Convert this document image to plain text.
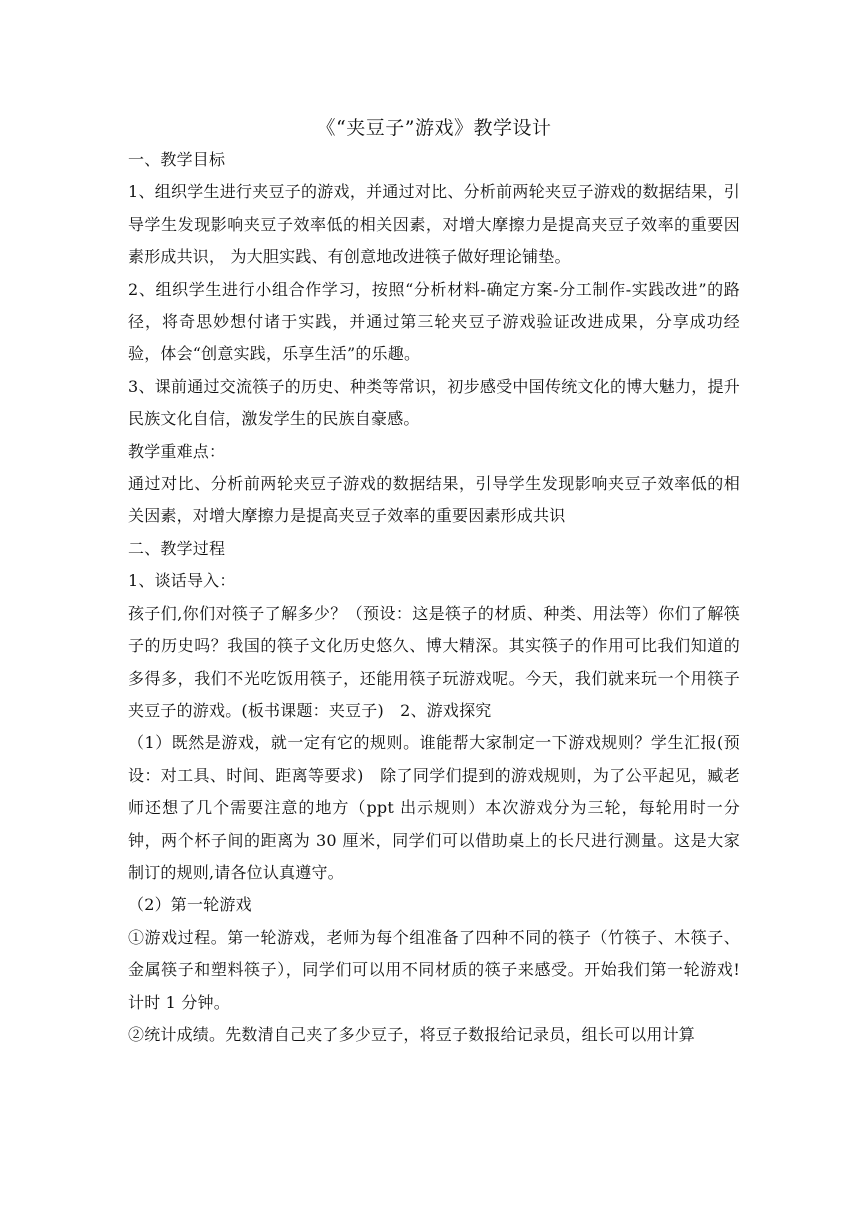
《“夹豆子”游戏》教学设计

一、教学目标

1、组织学生进行夹豆子的游戏，并通过对比、分析前两轮夹豆子游戏的数据结果，引导学生发现影响夹豆子效率低的相关因素，对增大摩擦力是提高夹豆子效率的重要因素形成共识， 为大胆实践、有创意地改进筷子做好理论铺垫。

2、组织学生进行小组合作学习，按照“分析材料-确定方案-分工制作-实践改进”的路径，将奇思妙想付诸于实践，并通过第三轮夹豆子游戏验证改进成果，分享成功经验，体会“创意实践，乐享生活”的乐趣。

3、课前通过交流筷子的历史、种类等常识，初步感受中国传统文化的博大魅力，提升民族文化自信，激发学生的民族自豪感。

教学重难点：

通过对比、分析前两轮夹豆子游戏的数据结果，引导学生发现影响夹豆子效率低的相关因素，对增大摩擦力是提高夹豆子效率的重要因素形成共识

二、教学过程

1、谈话导入：

孩子们,你们对筷子了解多少？（预设：这是筷子的材质、种类、用法等）你们了解筷子的历史吗？我国的筷子文化历史悠久、博大精深。其实筷子的作用可比我们知道的多得多，我们不光吃饭用筷子，还能用筷子玩游戏呢。今天，我们就来玩一个用筷子夹豆子的游戏。(板书课题：夹豆子)　2、游戏探究

（1）既然是游戏，就一定有它的规则。谁能帮大家制定一下游戏规则？学生汇报(预设：对工具、时间、距离等要求)　除了同学们提到的游戏规则，为了公平起见，臧老师还想了几个需要注意的地方（ppt 出示规则）本次游戏分为三轮，每轮用时一分钟，两个杯子间的距离为 30 厘米，同学们可以借助桌上的长尺进行测量。这是大家制订的规则,请各位认真遵守。

（2）第一轮游戏

①游戏过程。第一轮游戏，老师为每个组准备了四种不同的筷子（竹筷子、木筷子、金属筷子和塑料筷子），同学们可以用不同材质的筷子来感受。开始我们第一轮游戏!计时 1 分钟。

②统计成绩。先数清自己夹了多少豆子，将豆子数报给记录员，组长可以用计算
